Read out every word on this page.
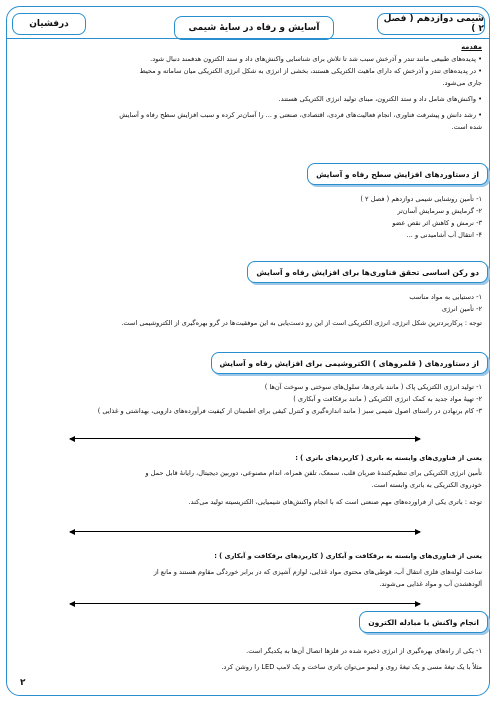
شیمی دوازدهم ( فصل ۲ )
آسایش و رفاه در سایهٔ شیمی
درفشیان
مقدمه
• پدیده‌های طبیعی مانند تندر و آذرخش سبب شد تا تلاش برای شناسایی واکنش‌های داد و ستد الکترون هدفمند دنبال شود.
• در پدیده‌های تندر و آذرخش که دارای ماهیت الکتریکی هستند، بخشی از انرژی به شکل انرژی الکتریکی میان ساماته و محیط
جاری می‌شود.
• واکنش‌های شامل داد و ستد الکترون، مبنای تولید انرژی الکتریکی هستند.
• رشد دانش و پیشرفت فناوری، انجام فعالیت‌های فردی، اقتصادی، صنعتی و ... را آسان‌تر کرده و سبب افزایش سطح رفاه و آسایش
شده است.
از دستاوردهای افزایش سطح رفاه و آسایش
۱- تأمین روشنایی شیمی دوازدهم ( فصل ۲ )
۲- گرمایش و سرمایش آسان‌تر
۳- نرمش و کاهش اثر نقص عضو
۴- انتقال آب آشامیدنی و ...
دو رکن اساسی تحقق فناوری‌ها برای افزایش رفاه و آسایش
۱- دستیابی به مواد مناسب
۲- تأمین انرژی
توجه : پرکاربردترین شکل انرژی، انرژی الکتریکی است از این رو دست‌یابی به این موفقیت‌ها در گرو بهره‌گیری از الکتروشیمی است.
از دستاوردهای ( قلمروهای ) الکتروشیمی برای افزایش رفاه و آسایش
۱- تولید انرژی الکتریکی پاک ( مانند باتری‌ها، سلول‌های سوختی و سوخت آن‌ها )
۲- تهیهٔ مواد جدید به کمک انرژی الکتریکی ( مانند برقکافت و آبکاری )
۳- کام برنهادن در راستای اصول شیمی سبز ( مانند اندازه‌گیری و کنترل کیفی برای اطمینان از کیفیت فرآورده‌های دارویی، بهداشتی و غذایی )
یعنی از فناوری‌های وابسته به باتری ( کاربردهای باتری ) :
تأمین انرژی الکتریکی برای تنظیم‌کنندهٔ ضربان قلب، سمعک، تلفن همراه، اندام مصنوعی، دوربین دیجیتال، رایانهٔ قابل حمل و
خودروی الکتریکی به باتری وابسته است.
توجه : باتری یکی از فراورده‌های مهم صنعتی است که با انجام واکنش‌های شیمیایی، الکتریسیته تولید می‌کند.
یعنی از فناوری‌های وابسته به برقکافت و آبکاری ( کاربردهای برقکافت و آبکاری ) :
ساخت لوله‌های فلزی انتقال آب، قوطی‌های محتوی مواد غذایی، لوازم آشپزی که در برابر خوردگی مقاوم هستند و مانع از
آلودهشدن آب و مواد غذایی می‌شوند.
انجام واکنش با مبادله الکترون
۱- یکی از راه‌های بهره‌گیری از انرژی ذخیره شده در فلزها اتصال آن‌ها به یکدیگر است.
مثلاً با یک تیغهٔ مسی و یک تیغهٔ روی و لیمو می‌توان باتری ساخت و یک لامپ LED را روشن کرد.
۲
